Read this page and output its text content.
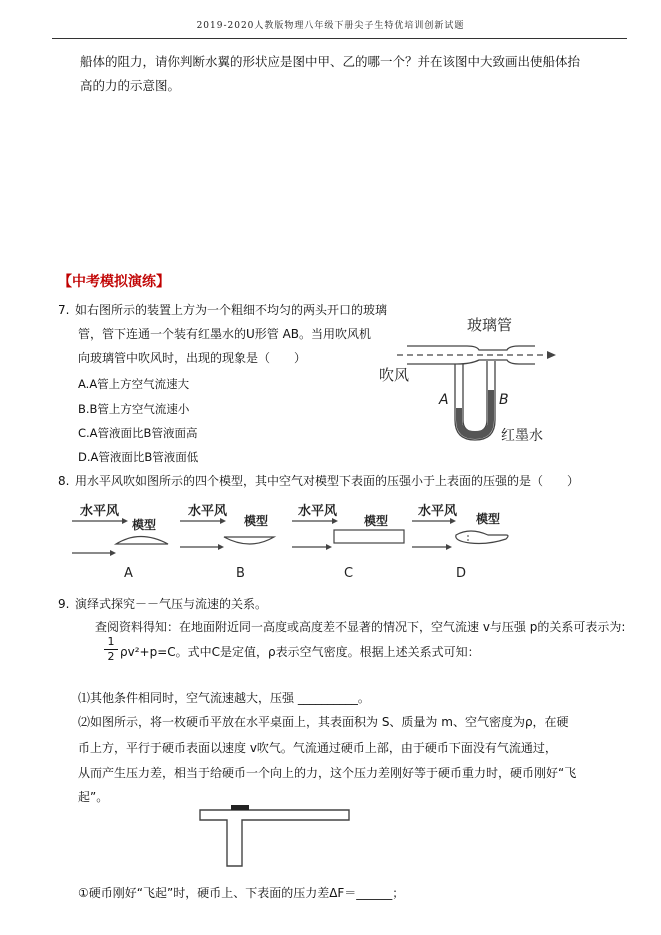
2019-2020人教版物理八年级下册尖子生特优培训创新试题
船体的阻力，请你判断水翼的形状应是图中甲、乙的哪一个？并在该图中大致画出使船体抬
高的力的示意图。
【中考模拟演练】
7. 如右图所示的装置上方为一个粗细不均匀的两头开口的玻璃
管，管下连通一个装有红墨水的U形管 AB。当用吹风机
向玻璃管中吹风时，出现的现象是（　　）
A.A管上方空气流速大
B.B管上方空气流速小
C.A管液面比B管液面高
D.A管液面比B管液面低
玻璃管
吹风
A	B
红墨水
8. 用水平风吹如图所示的四个模型，其中空气对模型下表面的压强小于上表面的压强的是（　　）
水平风
模型
A
水平风
模型
B
水平风
模型
C
水平风 模型
D
9. 演绎式探究－－气压与流速的关系。
查阅资料得知：在地面附近同一高度或高度差不显著的情况下，空气流速 v与压强 p的关系可表示为:
1
2 ρv²+p=C。式中C是定值，ρ表示空气密度。根据上述关系式可知：
⑴其他条件相同时，空气流速越大，压强 __________。
⑵如图所示，将一枚硬币平放在水平桌面上，其表面积为 S、质量为 m、空气密度为ρ，在硬
币上方，平行于硬币表面以速度 v吹气。气流通过硬币上部，由于硬币下面没有气流通过，
从而产生压力差，相当于给硬币一个向上的力，这个压力差刚好等于硬币重力时，硬币刚好“飞
起”。
①硬币刚好“飞起”时，硬币上、下表面的压力差ΔF＝______；
